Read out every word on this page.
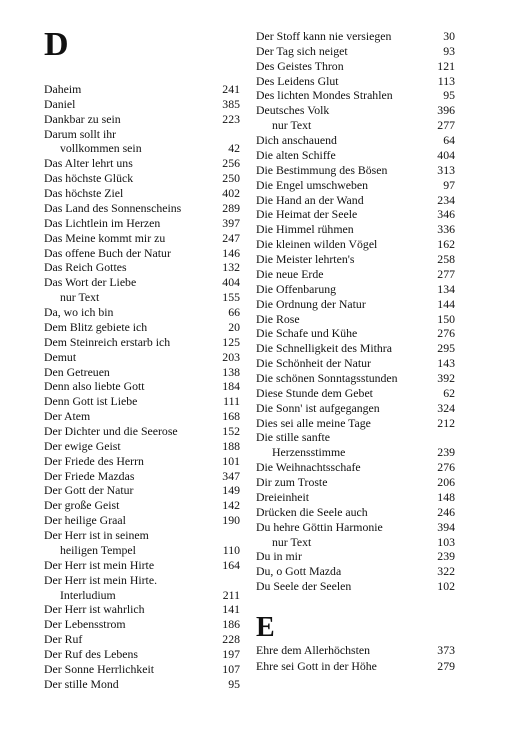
D
Daheim	241
Daniel	385
Dankbar zu sein	223
Darum sollt ihr
vollkommen sein	42
Das Alter lehrt uns	256
Das höchste Glück	250
Das höchste Ziel	402
Das Land des Sonnenscheins	289
Das Lichtlein im Herzen	397
Das Meine kommt mir zu	247
Das offene Buch der Natur	146
Das Reich Gottes	132
Das Wort der Liebe	404
nur Text	155
Da, wo ich bin	66
Dem Blitz gebiete ich	20
Dem Steinreich erstarb ich	125
Demut	203
Den Getreuen	138
Denn also liebte Gott	184
Denn Gott ist Liebe	111
Der Atem	168
Der Dichter und die Seerose	152
Der ewige Geist	188
Der Friede des Herrn	101
Der Friede Mazdas	347
Der Gott der Natur	149
Der große Geist	142
Der heilige Graal	190
Der Herr ist in seinem
heiligen Tempel	110
Der Herr ist mein Hirte	164
Der Herr ist mein Hirte.
Interludium	211
Der Herr ist wahrlich	141
Der Lebensstrom	186
Der Ruf	228
Der Ruf des Lebens	197
Der Sonne Herrlichkeit	107
Der stille Mond	95
Der Stoff kann nie versiegen	30
Der Tag sich neiget	93
Des Geistes Thron	121
Des Leidens Glut	113
Des lichten Mondes Strahlen	95
Deutsches Volk	396
nur Text	277
Dich anschauend	64
Die alten Schiffe	404
Die Bestimmung des Bösen	313
Die Engel umschweben	97
Die Hand an der Wand	234
Die Heimat der Seele	346
Die Himmel rühmen	336
Die kleinen wilden Vögel	162
Die Meister lehrten's	258
Die neue Erde	277
Die Offenbarung	134
Die Ordnung der Natur	144
Die Rose	150
Die Schafe und Kühe	276
Die Schnelligkeit des Mithra	295
Die Schönheit der Natur	143
Die schönen Sonntagsstunden	392
Diese Stunde dem Gebet	62
Die Sonn' ist aufgegangen	324
Dies sei alle meine Tage	212
Die stille sanfte
Herzensstimme	239
Die Weihnachtsschafe	276
Dir zum Troste	206
Dreieinheit	148
Drücken die Seele auch	246
Du hehre Göttin Harmonie	394
nur Text	103
Du in mir	239
Du, o Gott Mazda	322
Du Seele der Seelen	102
E
Ehre dem Allerhöchsten	373
Ehre sei Gott in der Höhe	279
